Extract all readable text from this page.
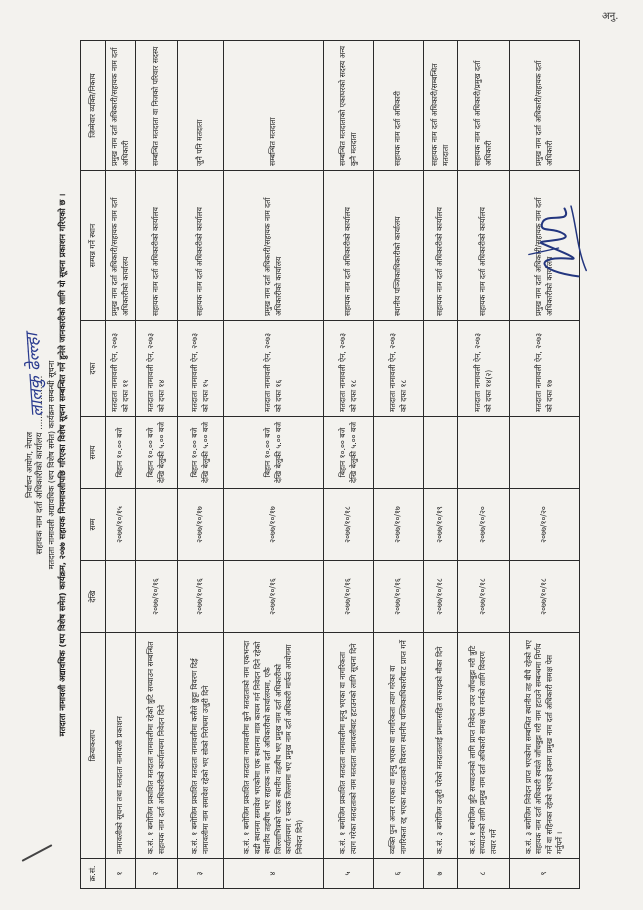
अनु.
निर्वाचन आयोग, नेपाल सहायक नाम दर्ता अधिकारीको कार्यालय .................... मतदाता नामावली अद्यावधिक (थप विशेष समेत) कार्यक्रम सम्बन्धी सूचना मतदाता नामावली अद्यावधिक (थप विशेष समेत) कार्यक्रम, २०७७ सहायक नियमावलीपछि गरिएका विशेष सूचना सम्बन्धित गर्ने हुनेले जानकारीको लागि यो सूचना प्रकाशन गरिएको छ ।
लालकु ढेल्ल्हा
क्र.सं.	क्रियाकलाप	देखि	सम्म	समय	दफा	सम्पन्न गर्ने स्थान	जिम्मेवार व्यक्ति/निकाय
१	नामावलीको सूचना तथा मतदाता नामावली प्रकाशन		२०७७/१०/१५	बिहान १०.०० बजे	मतदाता नामावली ऐन, २०७३ को दफा ११	प्रमुख नाम दर्ता अधिकारी/सहायक नाम दर्ता अधिकारीको कार्यालय	प्रमुख नाम दर्ता अधिकारी/सहायक नाम दर्ता अधिकारी
२	क.सं. १ बमोजिम प्रकाशित मतदाता नामावलीमा रहेको त्रुटि सच्याउन सम्बन्धित सहायक नाम दर्ता अधिकारीको कार्यालयमा निवेदन दिने	२०७७/१०/१६		बिहान १०.०० बजे देखि बेलुकी ५.०० बजे	मतदाता नामावली ऐन, २०७३ को दफा १४	सहायक नाम दर्ता अधिकारीको कार्यालय	सम्बन्धित मतदाता वा निजको परिवार सदस्य
३	क.सं. १ बमोजिम प्रकाशित मतदाता नामावलीमा कसैले छुट्टा विवरण दिई नामावलीमा नाम समावेश रहेको भए सोको निरोधमा उजुरी दिने	२०७७/१०/१६	२०७७/१०/१७	बिहान १०.०० बजे देखि बेलुकी ५.०० बजे	मतदाता नामावली ऐन, २०७३ को दफा १५	सहायक नाम दर्ता अधिकारीको कार्यालय	जुनै पनि मतदाता
४	क.सं. १ बमोजिम प्रकाशित मतदाता नामावलीमा कुनै मतदाताको नाम एकभन्दा बढी स्थानमा समावेश भएकोमा एक स्थानमा मात्र कायम गर्न निवेदन दिने रहेको स्थानीय तहबीच भए सहायक नाम दर्ता अधिकारीको कार्यालयमा, एकै जिल्लाभित्रको फरक स्थानीय तहबीच भए प्रमुख नाम दर्ता अधिकारीको कार्यालयमा र फरक जिल्लामा भए प्रमुख नाम दर्ता अधिकारी मार्फत आयोगमा निवेदन दिने)	२०७७/१०/१६	२०७७/१०/१७	बिहान १०.०० बजे देखि बेलुकी ५.०० बजे	मतदाता नामावली ऐन, २०७३ को दफा १६	प्रमुख नाम दर्ता अधिकारी/सहायक नाम दर्ता अधिकारीको कार्यालय	सम्बन्धित मतदाता
५	क.सं. १ बमोजिम प्रकाशित मतदाता नामावलीमा मृत्यु भएका वा नागरिकता त्याग गरेका मतदाताको नाम मतदाता नामावलीबाट हटाउनको लागि सूचना दिने	२०७७/१०/१६	२०७७/१०/१८	बिहान १०.०० बजे देखि बेलुकी ५.०० बजे	मतदाता नामावली ऐन, २०७३ को दफा १८	सहायक नाम दर्ता अधिकारीको कार्यालय	सम्बन्धित मतदाताको एकाघरको सदस्य अन्य कुनै मतदाता
६	व्यक्ति पुनः अन्तर गएका वा मृत्यु भएका वा नागरिकता त्याग गरेका वा नागरिकता रद्द भएका मतदाताको विवरण स्थानीय पञ्जिकाधिकारीबाट प्राप्त गर्ने	२०७७/१०/१६	२०७७/१०/१७		मतदाता नामावली ऐन, २०७३ को दफा १८	स्थानीय पञ्जिकाधिकारीको कार्यालय	सहायक नाम दर्ता अधिकारी
७	क.सं. ३ बमोजिम उजुरी परेको मतदातालाई प्रमाणसहित सफाइको मौका दिने	२०७७/१०/१८	२०७७/१०/१९			सहायक नाम दर्ता अधिकारीको कार्यालय	सहायक नाम दर्ता अधिकारी/सम्बन्धित मतदाता
८	क.सं. १ बमोजिम त्रुटि सच्याउनको लागि प्राप्त निवेदन उपर जाँचबुझ गरी त्रुटि सच्याउनको लागि प्रमुख नाम दर्ता अधिकारी समक्ष पेस गर्नको लागि विवरण तयार गर्ने	२०७७/१०/१८	२०७७/१०/२०		मतदाता नामावली ऐन, २०७३ को दफा १४(२)	सहायक नाम दर्ता अधिकारीको कार्यालय	सहायक नाम दर्ता अधिकारी/प्रमुख दर्ता अधिकारी
९	क.सं. ३ बमोजिम निवेदन प्राप्त भएकोमा सम्बन्धित स्थानीय तह बीचै रहेको भए सहायक नाम दर्ता अधिकारी स्वयंले जाँचबुझ गरी नाम हटाउने सम्बन्धमा निर्णय गर्ने वा सहिनका रहेको भएको हकमा प्रमुख नाम दर्ता अधिकारी समक्ष पेस गर्नुपर्ने ।	२०७७/१०/१८	२०७७/१०/२०		मतदाता नामावली ऐन, २०७३ को दफा १७	प्रमुख नाम दर्ता अधिकारी/सहायक नाम दर्ता अधिकारीको कार्यालय	प्रमुख नाम दर्ता अधिकारी/सहायक दर्ता अधिकारी
